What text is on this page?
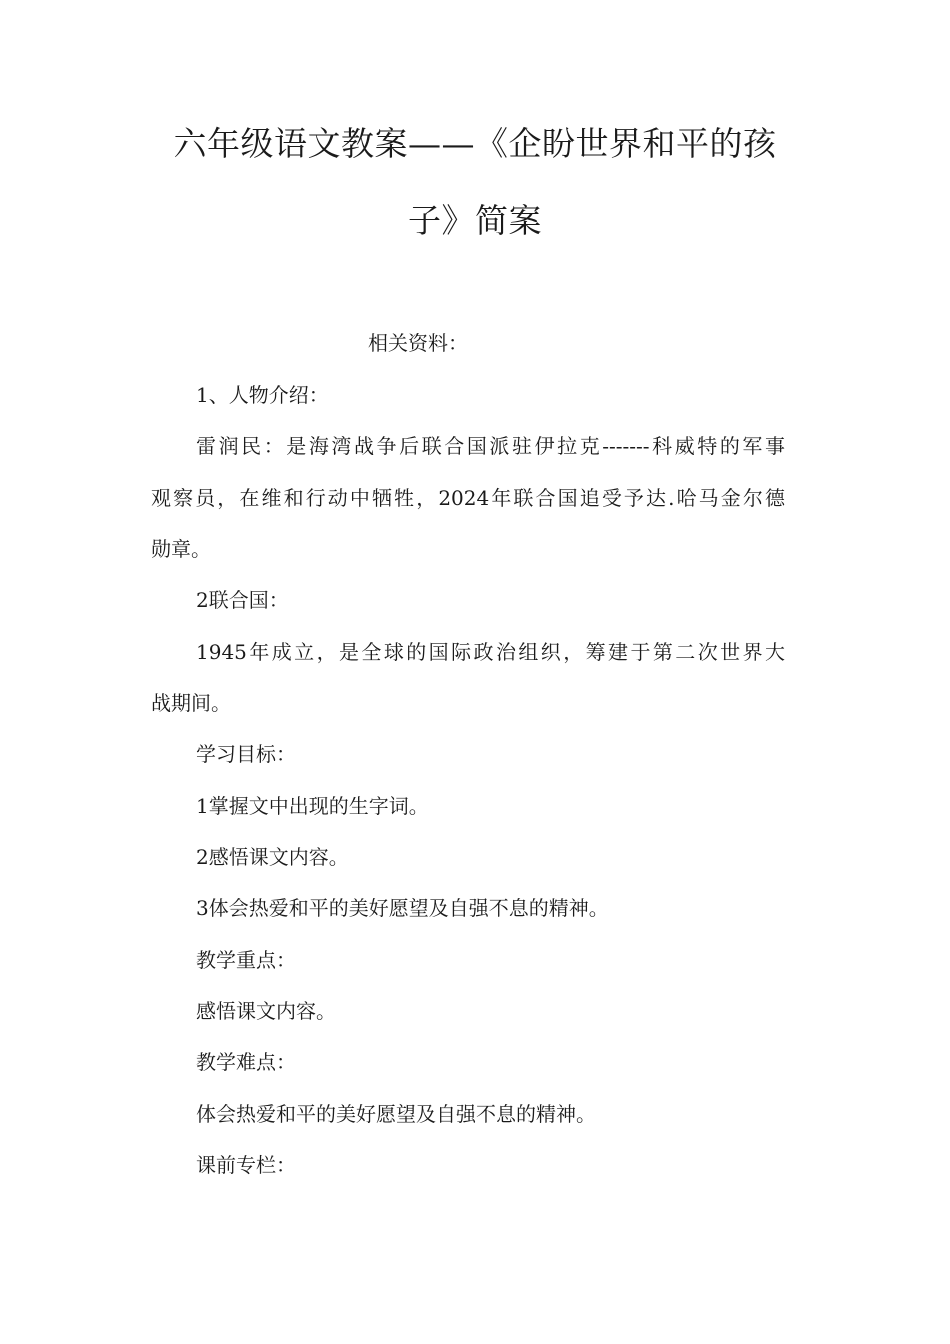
六年级语文教案——《企盼世界和平的孩
子》简案
相关资料：
1、人物介绍：
雷润民：是海湾战争后联合国派驻伊拉克-------科威特的军事
观察员，在维和行动中牺牲，2024年联合国追受予达.哈马金尔德
勋章。
2联合国：
1945年成立，是全球的国际政治组织，筹建于第二次世界大
战期间。
学习目标：
1掌握文中出现的生字词。
2感悟课文内容。
3体会热爱和平的美好愿望及自强不息的精神。
教学重点：
感悟课文内容。
教学难点：
体会热爱和平的美好愿望及自强不息的精神。
课前专栏：
